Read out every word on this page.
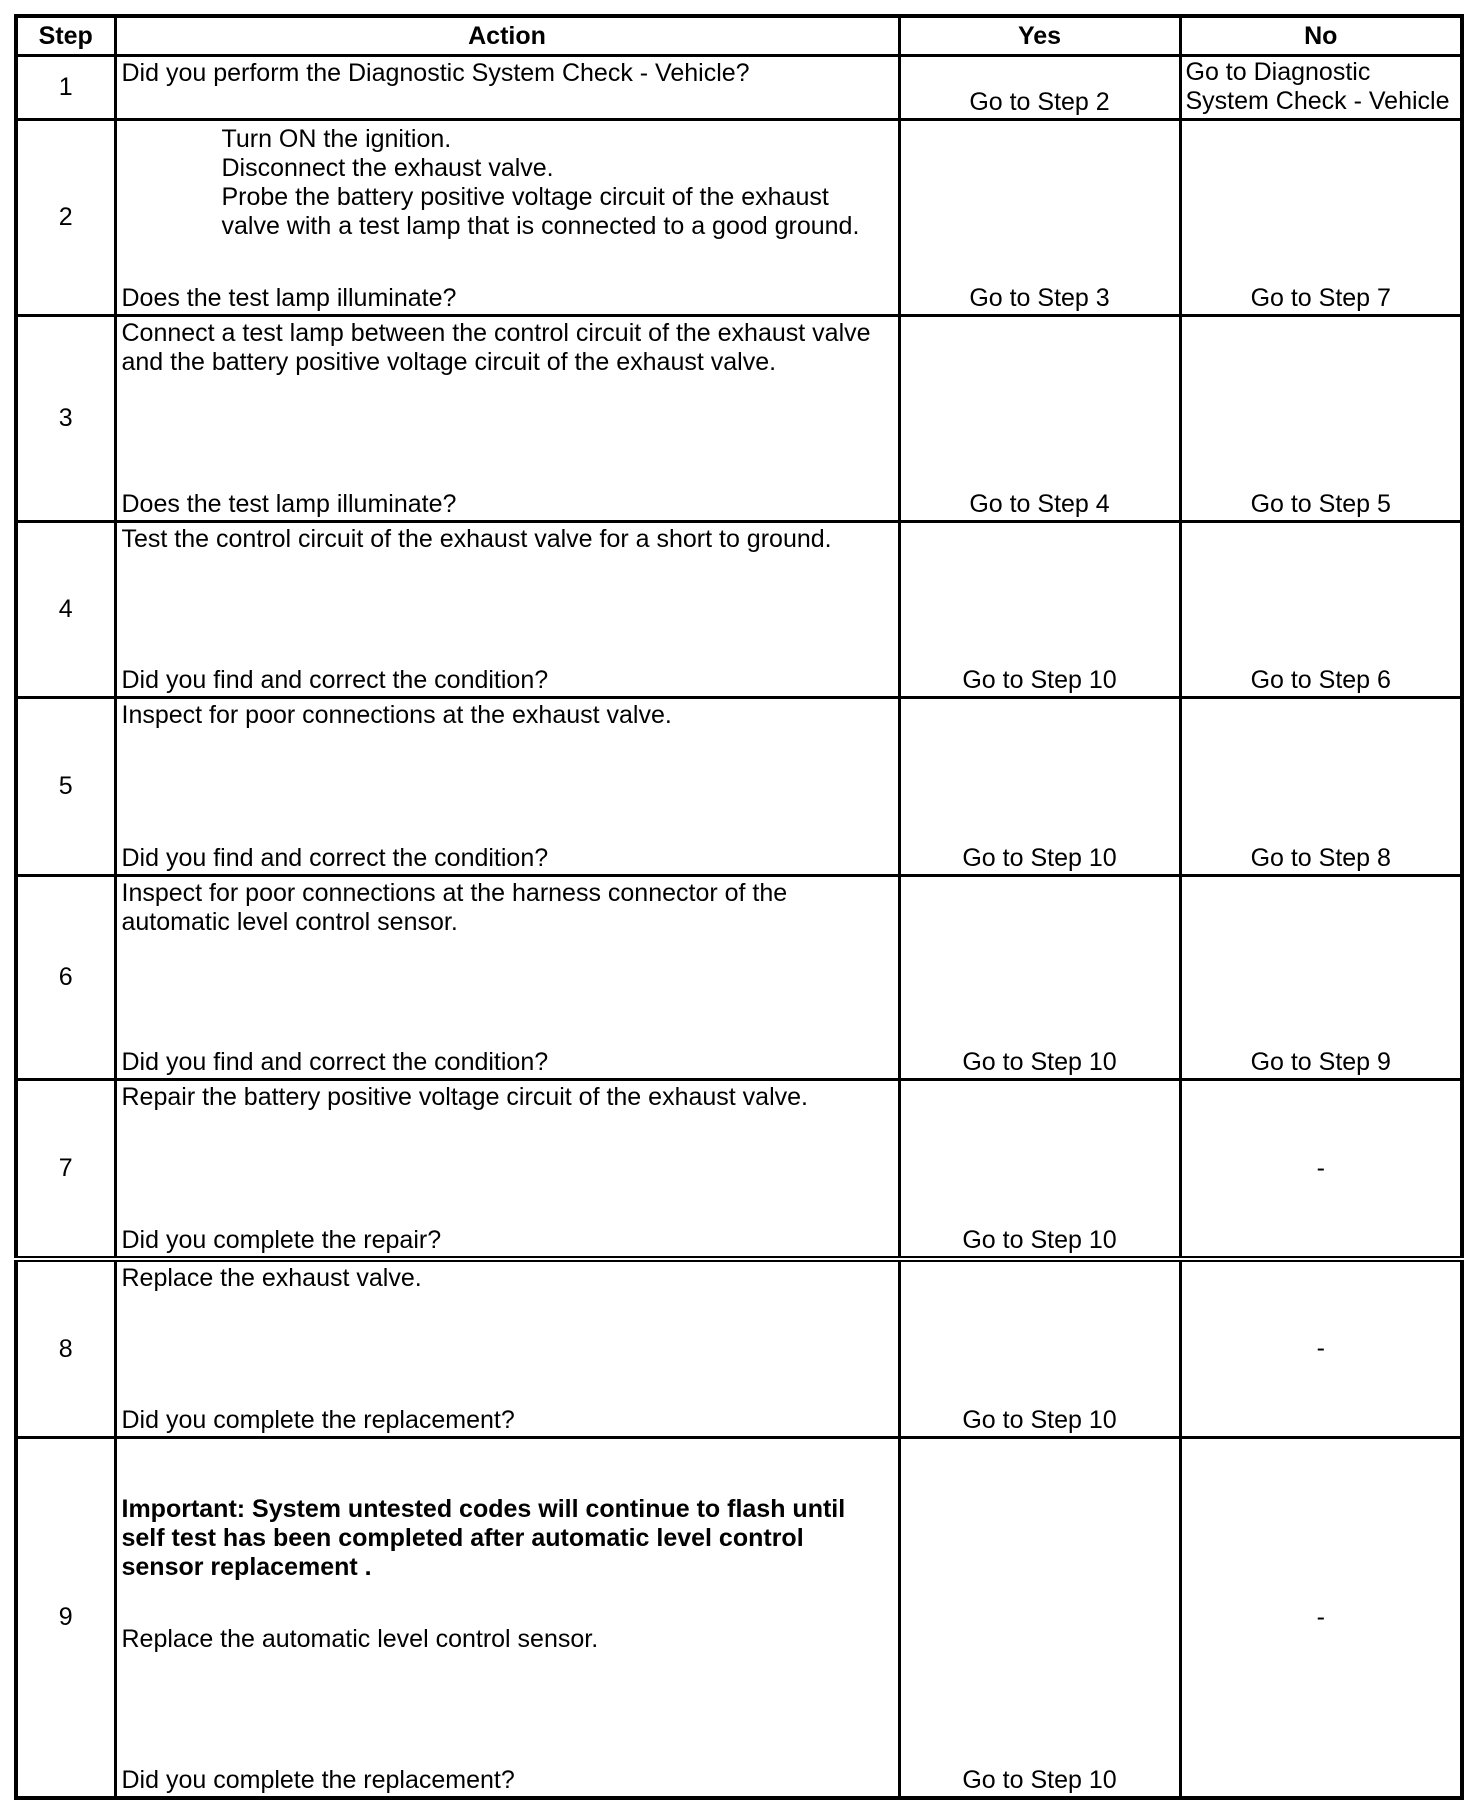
Step	Action	Yes	No
1	Did you perform the Diagnostic System Check - Vehicle?	Go to Step 2	Go to Diagnostic
System Check - Vehicle

2	Turn ON the ignition.
Disconnect the exhaust valve.
Probe the battery positive voltage circuit of the exhaust
valve with a test lamp that is connected to a good ground.
Does the test lamp illuminate?	Go to Step 3	Go to Step 7
3	Connect a test lamp between the control circuit of the exhaust valve
and the battery positive voltage circuit of the exhaust valve.
Does the test lamp illuminate?	Go to Step 4	Go to Step 5
4	Test the control circuit of the exhaust valve for a short to ground.
Did you find and correct the condition?	Go to Step 10	Go to Step 6
5	Inspect for poor connections at the exhaust valve.
Did you find and correct the condition?	Go to Step 10	Go to Step 8
6	Inspect for poor connections at the harness connector of the
automatic level control sensor.
Did you find and correct the condition?	Go to Step 10	Go to Step 9
7	Repair the battery positive voltage circuit of the exhaust valve.
Did you complete the repair?	Go to Step 10	-
8	Replace the exhaust valve.
Did you complete the replacement?	Go to Step 10	-
9	Important: System untested codes will continue to flash until
self test has been completed after automatic level control
sensor replacement .
Replace the automatic level control sensor.
Did you complete the replacement?	Go to Step 10	-
